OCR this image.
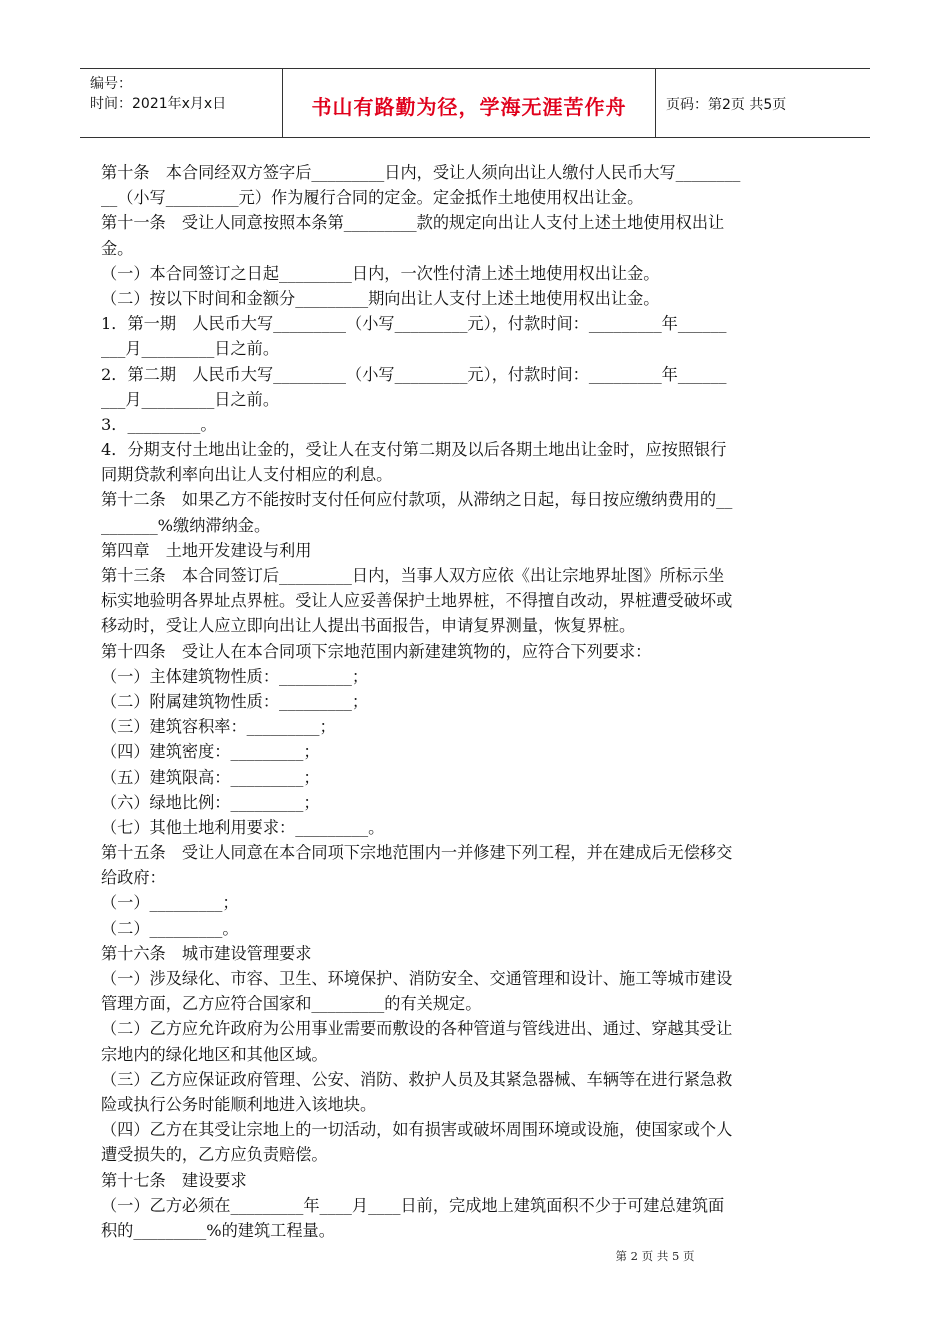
编号：
时间：2021年x月x日	书山有路勤为径，学海无涯苦作舟	页码：第2页 共5页
第十条　本合同经双方签字后_________日内，受让人须向出让人缴付人民币大写________
__（小写_________元）作为履行合同的定金。定金抵作土地使用权出让金。
第十一条　受让人同意按照本条第_________款的规定向出让人支付上述土地使用权出让
金。
（一）本合同签订之日起_________日内，一次性付清上述土地使用权出让金。
（二）按以下时间和金额分_________期向出让人支付上述土地使用权出让金。
1．第一期　人民币大写_________（小写_________元），付款时间：_________年______
___月_________日之前。
2．第二期　人民币大写_________（小写_________元），付款时间：_________年______
___月_________日之前。
3．_________。
4．分期支付土地出让金的，受让人在支付第二期及以后各期土地出让金时，应按照银行
同期贷款利率向出让人支付相应的利息。
第十二条　如果乙方不能按时支付任何应付款项，从滞纳之日起，每日按应缴纳费用的__
_______%缴纳滞纳金。
第四章　土地开发建设与利用
第十三条　本合同签订后_________日内，当事人双方应依《出让宗地界址图》所标示坐
标实地验明各界址点界桩。受让人应妥善保护土地界桩，不得擅自改动，界桩遭受破坏或
移动时，受让人应立即向出让人提出书面报告，申请复界测量，恢复界桩。
第十四条　受让人在本合同项下宗地范围内新建建筑物的，应符合下列要求：
（一）主体建筑物性质：_________；
（二）附属建筑物性质：_________；
（三）建筑容积率：_________；
（四）建筑密度：_________；
（五）建筑限高：_________；
（六）绿地比例：_________；
（七）其他土地利用要求：_________。
第十五条　受让人同意在本合同项下宗地范围内一并修建下列工程，并在建成后无偿移交
给政府：
（一）_________；
（二）_________。
第十六条　城市建设管理要求
（一）涉及绿化、市容、卫生、环境保护、消防安全、交通管理和设计、施工等城市建设
管理方面，乙方应符合国家和_________的有关规定。
（二）乙方应允许政府为公用事业需要而敷设的各种管道与管线进出、通过、穿越其受让
宗地内的绿化地区和其他区域。
（三）乙方应保证政府管理、公安、消防、救护人员及其紧急器械、车辆等在进行紧急救
险或执行公务时能顺利地进入该地块。
（四）乙方在其受让宗地上的一切活动，如有损害或破坏周围环境或设施，使国家或个人
遭受损失的，乙方应负责赔偿。
第十七条　建设要求
（一）乙方必须在_________年____月____日前，完成地上建筑面积不少于可建总建筑面
积的_________%的建筑工程量。
第 2 页 共 5 页
